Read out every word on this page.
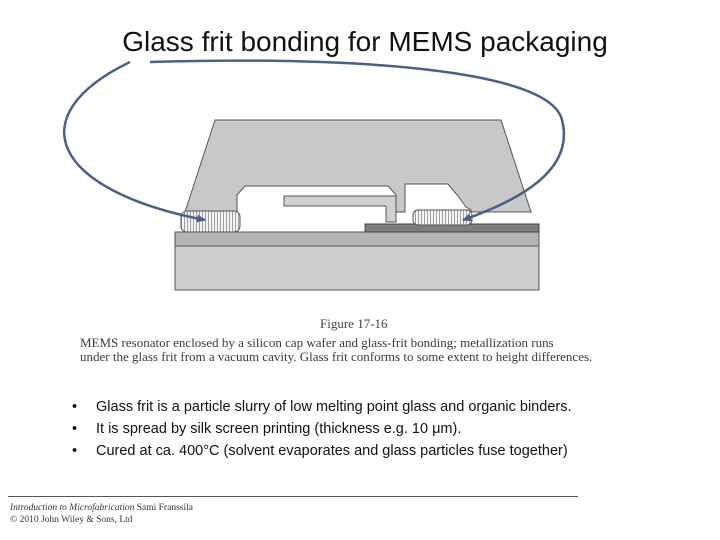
Glass frit bonding for MEMS packaging
Figure 17-16
MEMS resonator enclosed by a silicon cap wafer and glass-frit bonding; metallization runs
under the glass frit from a vacuum cavity. Glass frit conforms to some extent to height differences.
• Glass frit is a particle slurry of low melting point glass and organic binders.
• It is spread by silk screen printing (thickness e.g. 10 μm).
• Cured at ca. 400°C (solvent evaporates and glass particles fuse together)
Introduction to Microfabrication Sami Franssila
© 2010 John Wiley & Sons, Ltd
